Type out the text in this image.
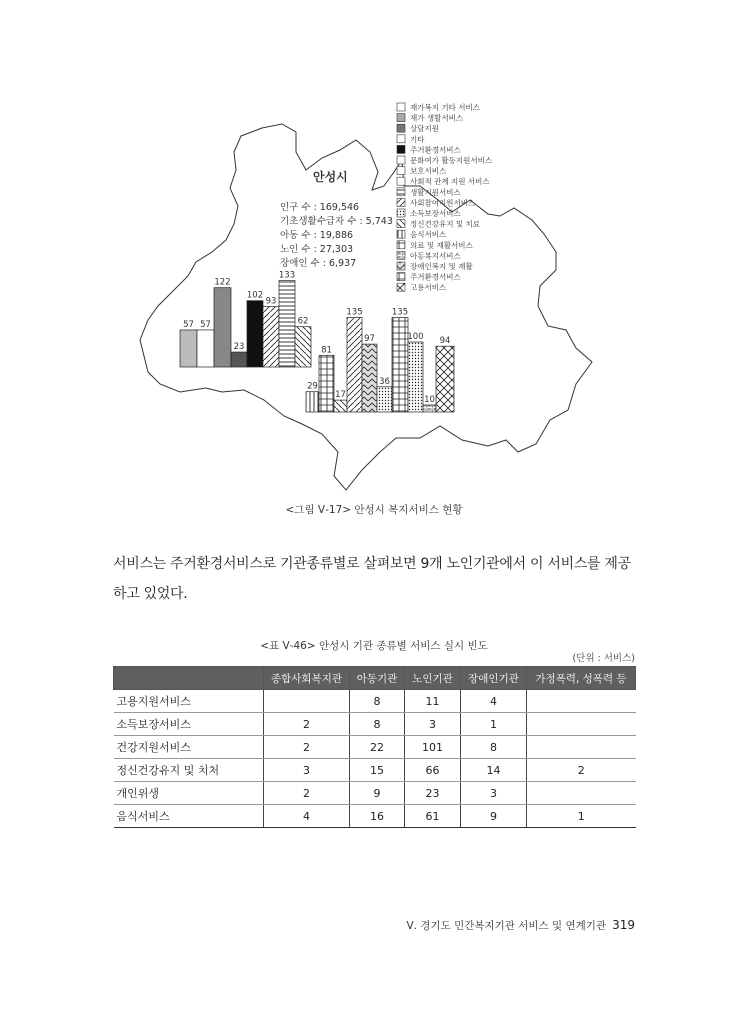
안성시
인구 수 : 169,546
기초생활수급자 수 : 5,743
아동 수 : 19,886
노인 수 : 27,303
장애인 수 : 6,937
재가복지 기타 서비스
재가 생활서비스
상담지원
기타
주거환경서비스
문화여가 활동지원서비스
보호서비스
사회적 관계 지원 서비스
생활지원서비스
사회참여지원서비스
소득보장서비스
정신건강유지 및 치료
음식서비스
의료 및 재활서비스
아동복지서비스
장애인복지 및 재활
주거환경서비스
고용서비스
57 57
122
23
102
93
133
62
29
81
17
135
97
36
135
100
10
94
<그림 Ⅴ-17> 안성시 복지서비스 현황
서비스는 주거환경서비스로 기관종류별로 살펴보면 9개 노인기관에서 이 서비스를 제공하고 있었다.
<표 Ⅴ-46> 안성시 기관 종류별 서비스 실시 빈도
(단위 : 서비스)
	종합사회복지관	아동기관	노인기관	장애인기관	가정폭력, 성폭력 등
고용지원서비스		8	11	4	
소득보장서비스	2	8	3	1	
건강지원서비스	2	22	101	8	
정신건강유지 및 치처	3	15	66	14	2
개인위생	2	9	23	3	
음식서비스	4	16	61	9	1
Ⅴ. 경기도 민간복지기관 서비스 및 연계기관 319
